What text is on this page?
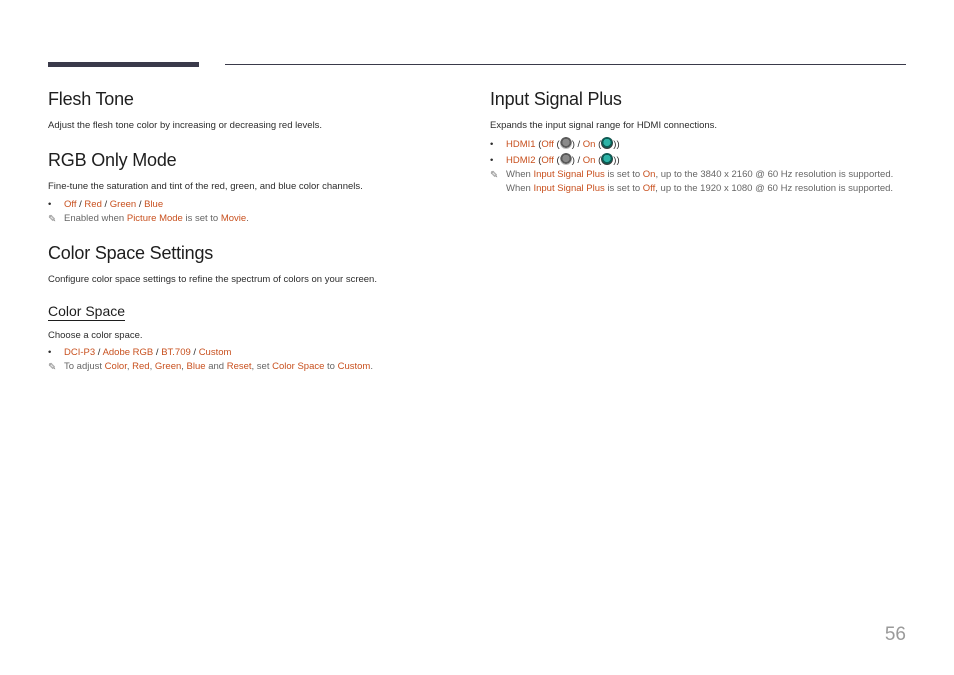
Flesh Tone

Adjust the flesh tone color by increasing or decreasing red levels.

RGB Only Mode

Fine-tune the saturation and tint of the red, green, and blue color channels.

• Off / Red / Green / Blue
✎ Enabled when Picture Mode is set to Movie.
Color Space Settings

Configure color space settings to refine the spectrum of colors on your screen.

Color Space

Choose a color space.

• DCI-P3 / Adobe RGB / BT.709 / Custom
✎ To adjust Color, Red, Green, Blue and Reset, set Color Space to Custom.
Input Signal Plus

Expands the input signal range for HDMI connections.

• HDMI1 (Off ( ) / On ( ))
• HDMI2 (Off ( ) / On ( ))
✎ When Input Signal Plus is set to On, up to the 3840 x 2160 @ 60 Hz resolution is supported.
When Input Signal Plus is set to Off, up to the 1920 x 1080 @ 60 Hz resolution is supported.
56
